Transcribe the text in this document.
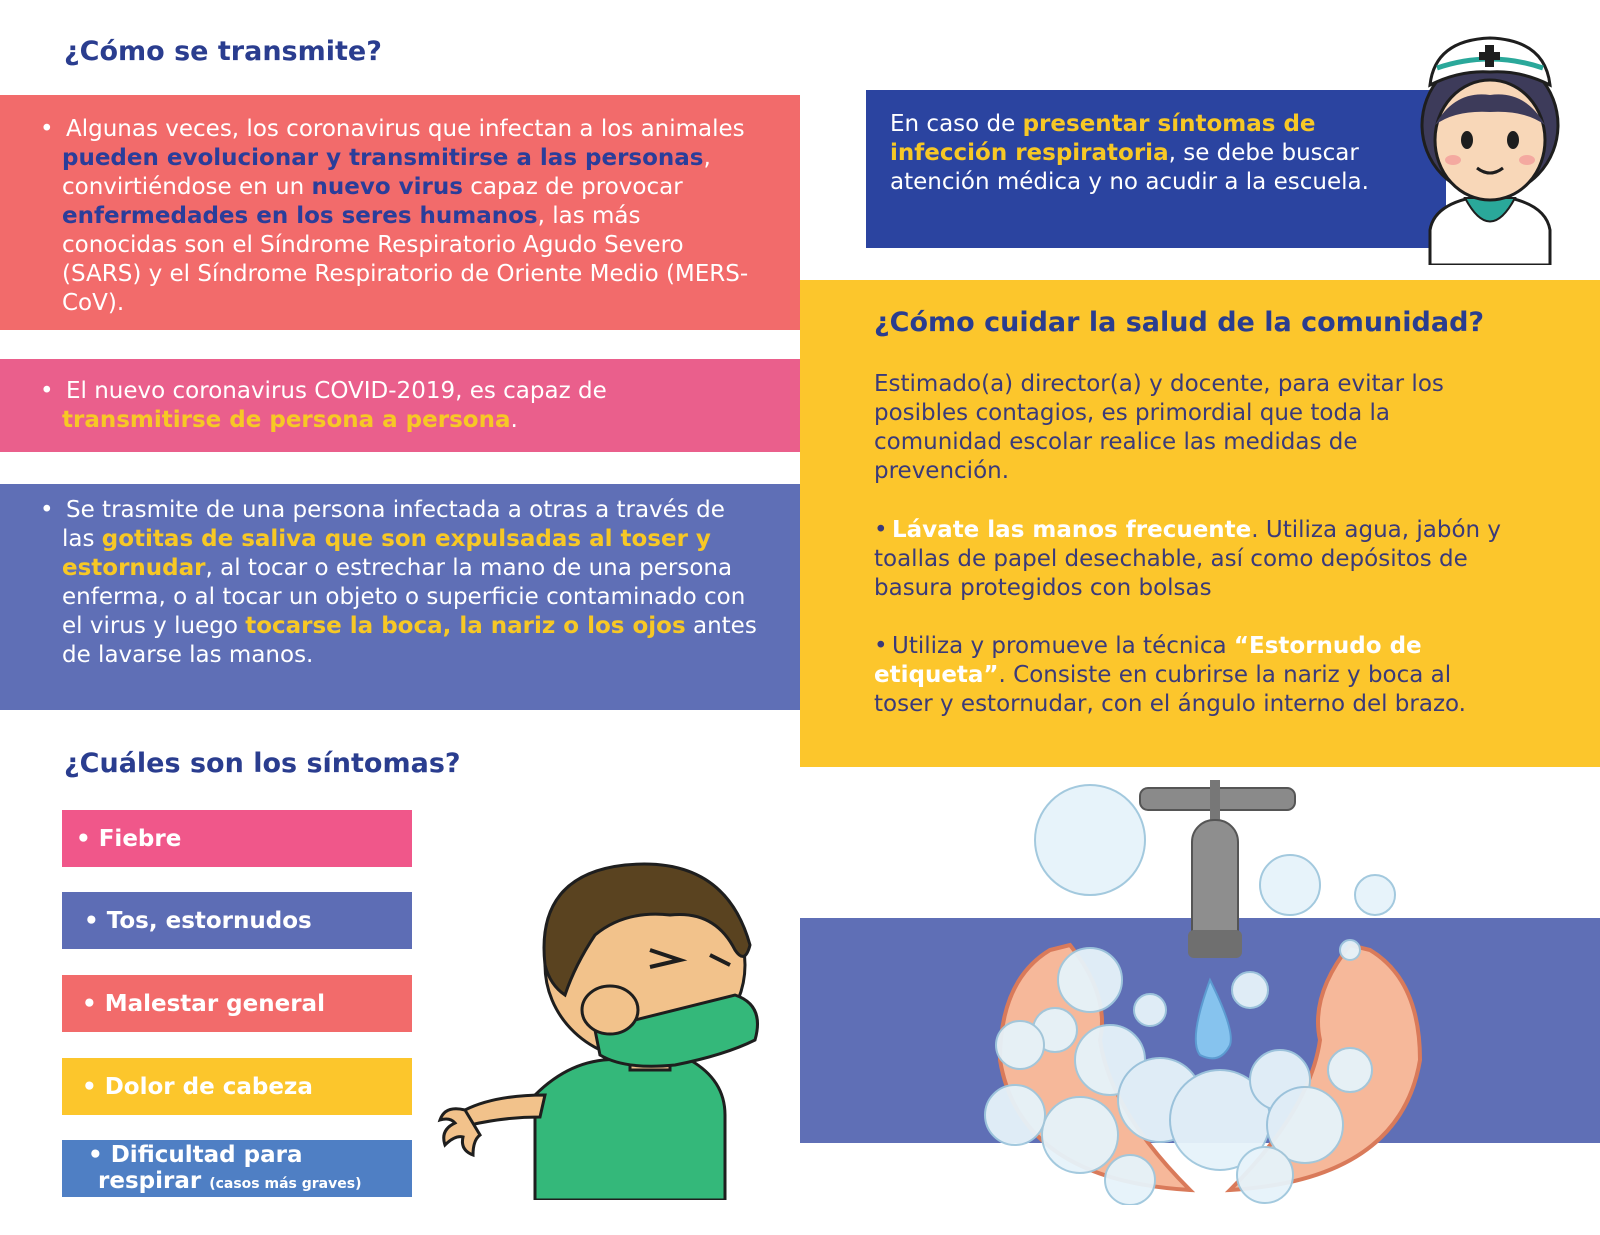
¿Cómo se transmite?

• Algunas veces, los coronavirus que infectan a los animales pueden evolucionar y transmitirse a las personas, convirtiéndose en un nuevo virus capaz de provocar enfermedades en los seres humanos, las más conocidas son el Síndrome Respiratorio Agudo Severo (SARS) y el Síndrome Respiratorio de Oriente Medio (MERS-CoV).

• El nuevo coronavirus COVID-2019, es capaz de transmitirse de persona a persona.

• Se trasmite de una persona infectada a otras a través de las gotitas de saliva que son expulsadas al toser y estornudar, al tocar o estrechar la mano de una persona enferma, o al tocar un objeto o superficie contaminado con el virus y luego tocarse la boca, la nariz o los ojos antes de lavarse las manos.

¿Cuáles son los síntomas?
• Fiebre
• Tos, estornudos
• Malestar general
• Dolor de cabeza
• Dificultad para
respirar (casos más graves)

En caso de presentar síntomas de infección respiratoria, se debe buscar atención médica y no acudir a la escuela.

¿Cómo cuidar la salud de la comunidad?
Estimado(a) director(a) y docente, para evitar los posibles contagios, es primordial que toda la comunidad escolar realice las medidas de prevención.
• Lávate las manos frecuente. Utiliza agua, jabón y toallas de papel desechable, así como depósitos de basura protegidos con bolsas
• Utiliza y promueve la técnica “Estornudo de etiqueta”. Consiste en cubrirse la nariz y boca al toser y estornudar, con el ángulo interno del brazo.
